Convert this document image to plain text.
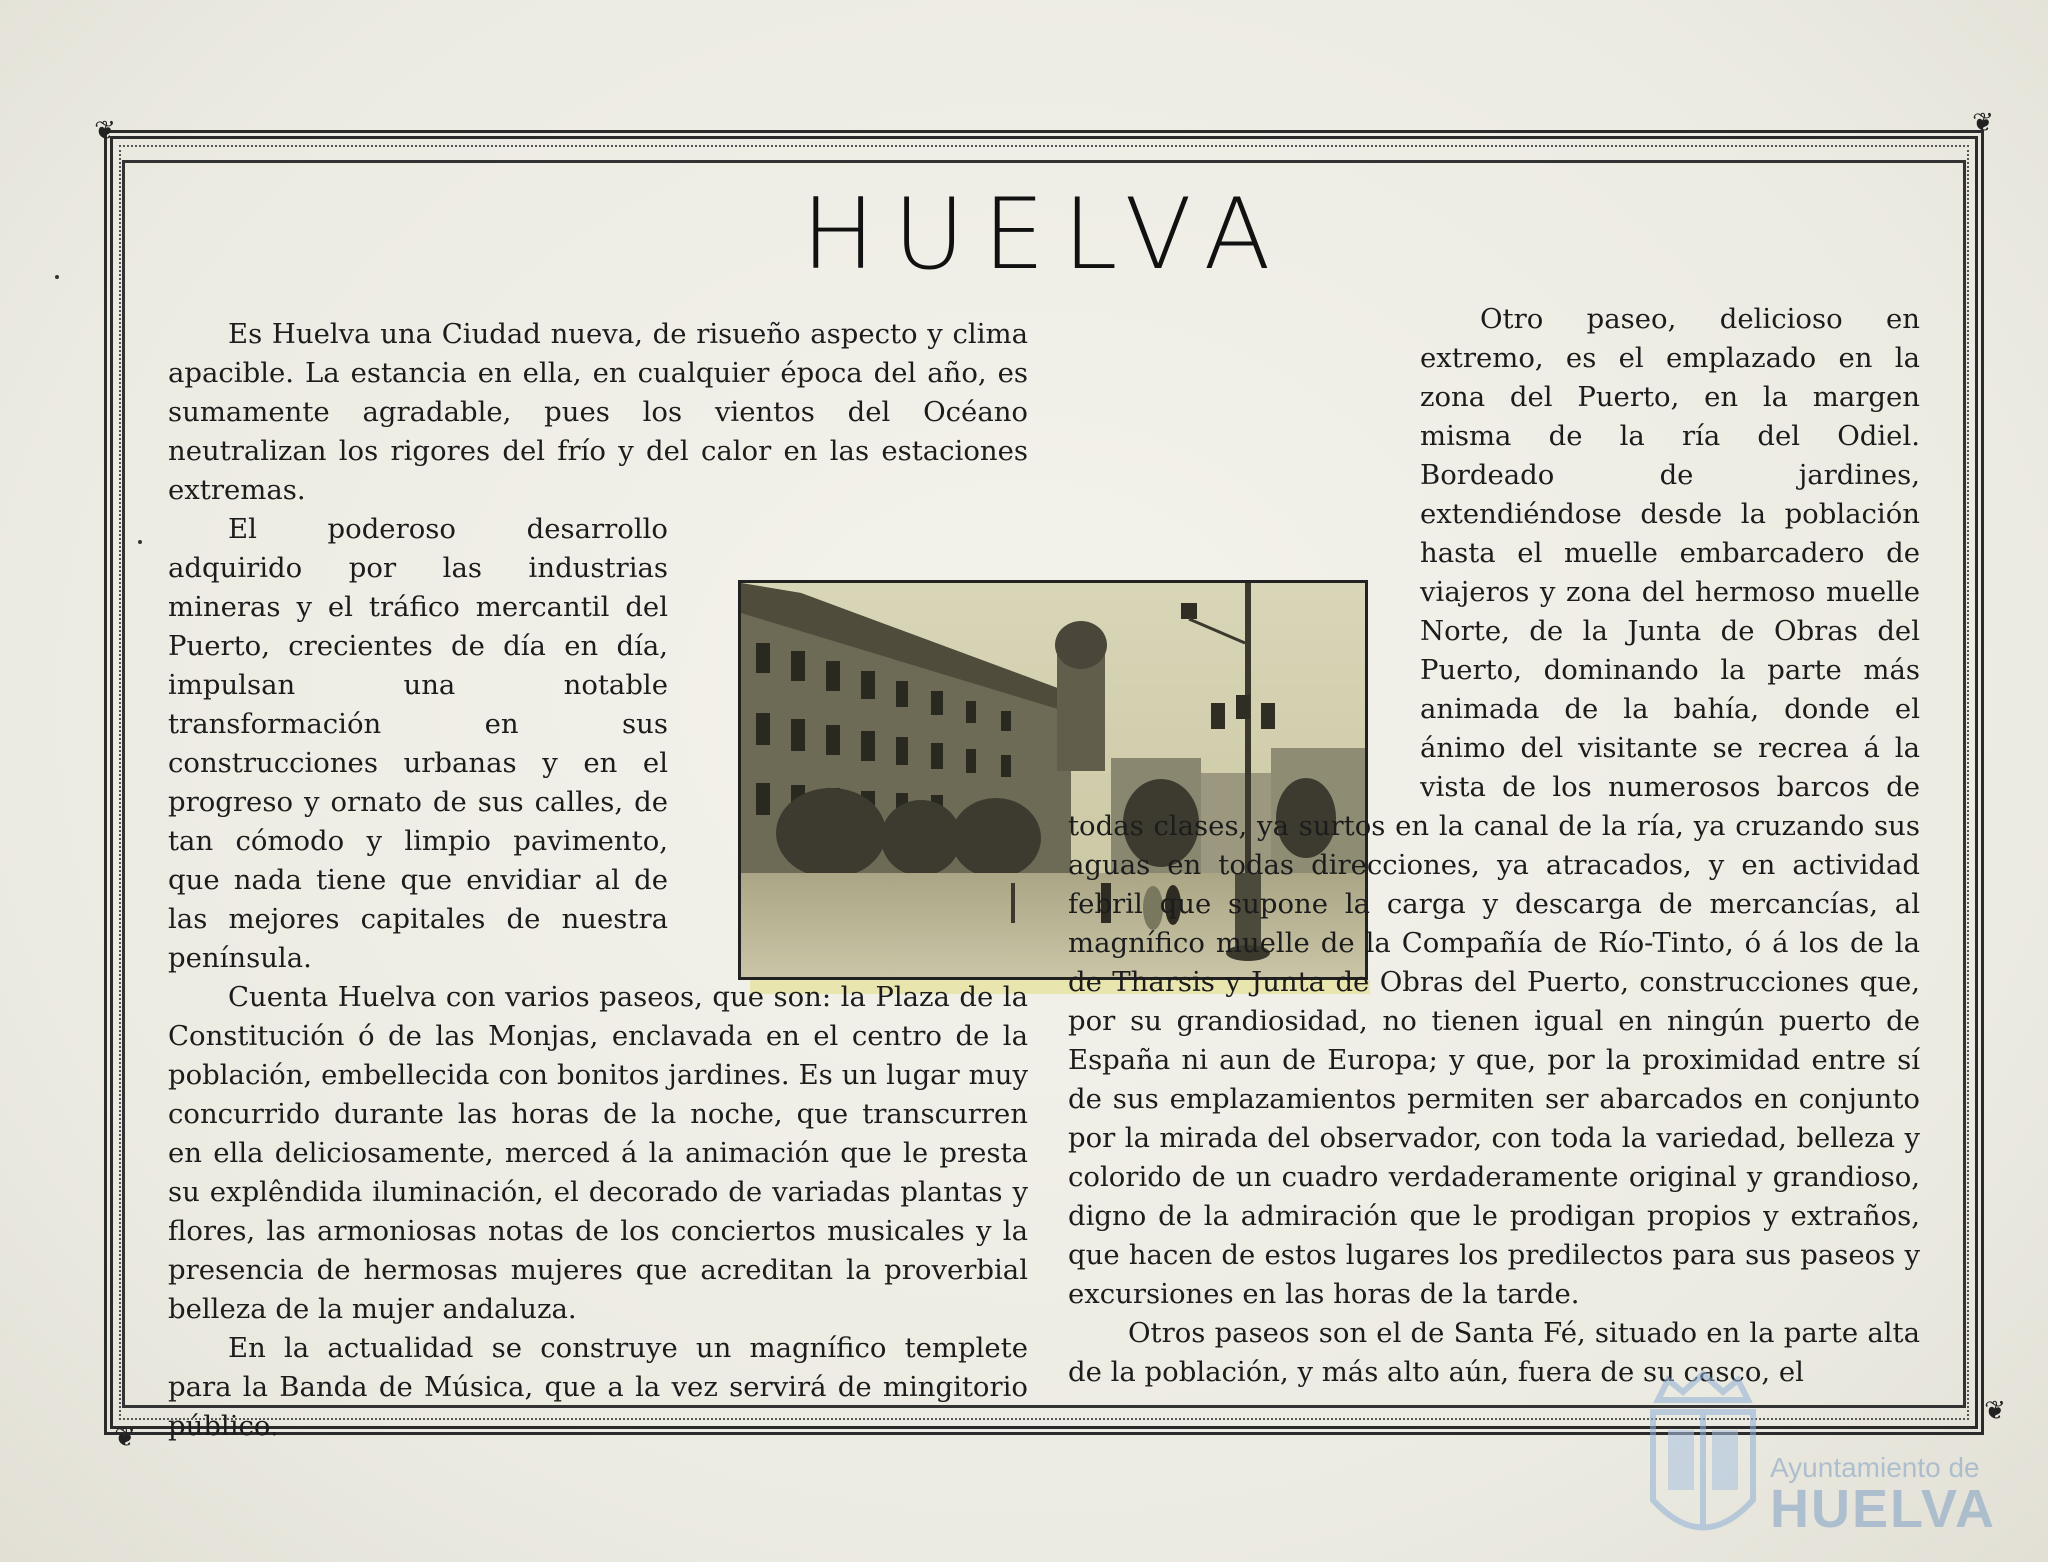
❦	❦
❦
❦
HUELVA

Es Huelva una Ciudad nueva, de risueño aspecto y clima apacible. La estancia en ella, en cualquier época del año, es sumamente agradable, pues los vientos del Océano neutralizan los rigores del frío y del calor en las estaciones extremas.

El poderoso desarrollo adquirido por las industrias mineras y el tráfico mercantil del Puerto, crecientes de día en día, impulsan una notable transformación en sus construcciones urbanas y en el progreso y ornato de sus calles, de tan cómodo y limpio pavimento, que nada tiene que envidiar al de las mejores capitales de nuestra península.

Cuenta Huelva con varios paseos, que son: la Plaza de la Constitución ó de las Monjas, enclavada en el centro de la población, embellecida con bonitos jardines. Es un lugar muy concurrido durante las horas de la noche, que transcurren en ella deliciosamente, merced á la animación que le presta su explêndida iluminación, el decorado de variadas plantas y flores, las armoniosas notas de los conciertos musicales y la presencia de hermosas mujeres que acreditan la proverbial belleza de la mujer andaluza.

En la actualidad se construye un magnífico templete para la Banda de Música, que a la vez servirá de mingitorio público.

Otro paseo, delicioso en extremo, es el emplazado en la zona del Puerto, en la margen misma de la ría del Odiel. Bordeado de jardines, extendiéndose desde la población hasta el muelle embarcadero de viajeros y zona del hermoso muelle Norte, de la Junta de Obras del Puerto, dominando la parte más animada de la bahía, donde el ánimo del visitante se recrea á la vista de los numerosos barcos de todas clases, ya surtos en la canal de la ría, ya cruzando sus aguas en todas direcciones, ya atracados, y en actividad febril que supone la carga y descarga de mercancías, al magnífico muelle de la Compañía de Río-Tinto, ó á los de la de Tharsis y Junta de Obras del Puerto, construcciones que, por su grandiosidad, no tienen igual en ningún puerto de España ni aun de Europa; y que, por la proximidad entre sí de sus emplazamientos permiten ser abarcados en conjunto por la mirada del observador, con toda la variedad, belleza y colorido de un cuadro verdaderamente original y grandioso, digno de la admiración que le prodigan propios y extraños, que hacen de estos lugares los predilectos para sus paseos y excursiones en las horas de la tarde.

Otros paseos son el de Santa Fé, situado en la parte alta de la población, y más alto aún, fuera de su casco, el

Ayuntamiento de
HUELVA
